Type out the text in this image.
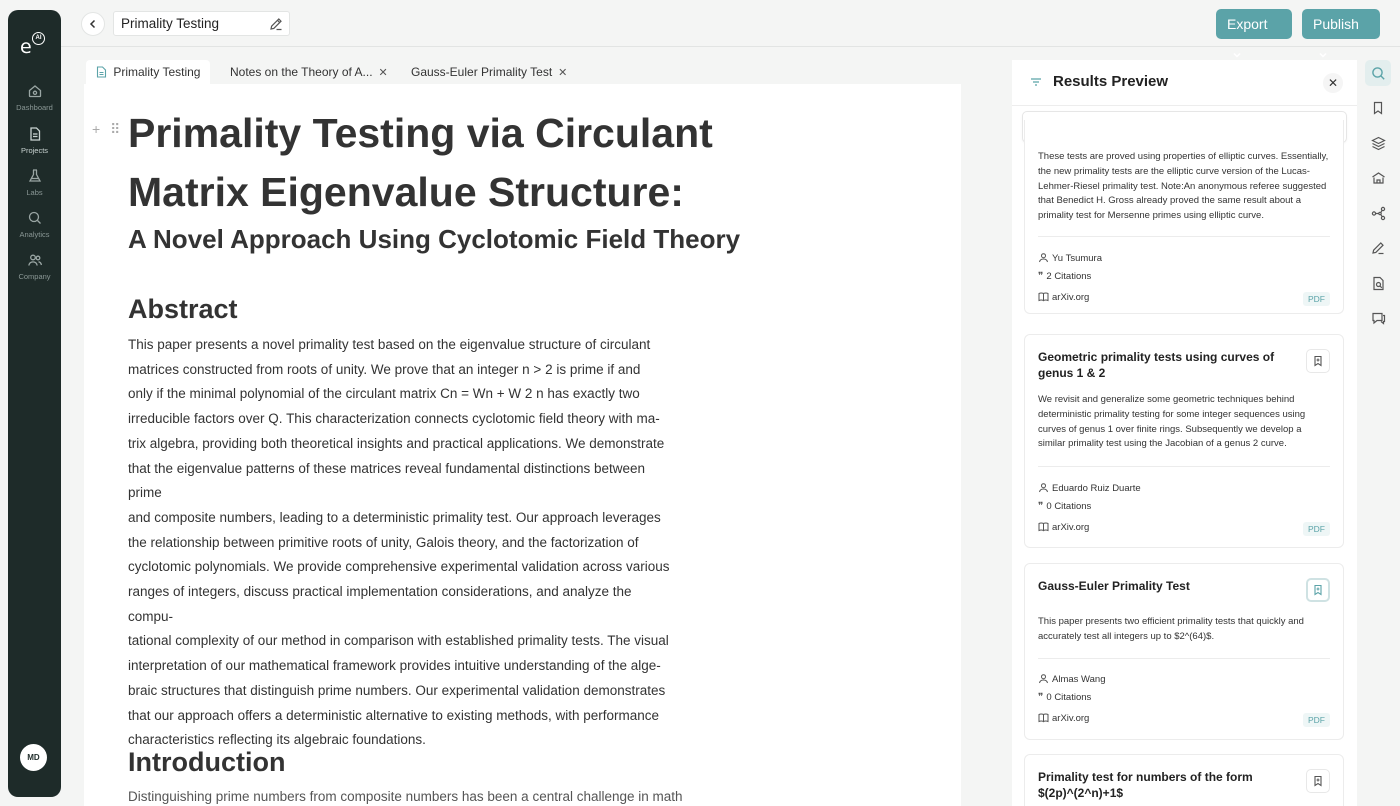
e AI
Dashboard
Projects
Labs
Analytics
Company
MD
Primality Testing	Export	Publish
Primality Testing	Notes on the Theory of A... ✕	Gauss-Euler Primality Test ✕
+ ⠿ Primality Testing via Circulant Matrix Eigenvalue Structure:
A Novel Approach Using Cyclotomic Field Theory
Abstract
This paper presents a novel primality test based on the eigenvalue structure of circulant
matrices constructed from roots of unity. We prove that an integer n > 2 is prime if and
only if the minimal polynomial of the circulant matrix Cn = Wn + W 2 n has exactly two
irreducible factors over Q. This characterization connects cyclotomic field theory with ma-
trix algebra, providing both theoretical insights and practical applications. We demonstrate
that the eigenvalue patterns of these matrices reveal fundamental distinctions between prime
and composite numbers, leading to a deterministic primality test. Our approach leverages
the relationship between primitive roots of unity, Galois theory, and the factorization of
cyclotomic polynomials. We provide comprehensive experimental validation across various
ranges of integers, discuss practical implementation considerations, and analyze the compu-
tational complexity of our method in comparison with established primality tests. The visual
interpretation of our mathematical framework provides intuitive understanding of the alge-
braic structures that distinguish prime numbers. Our experimental validation demonstrates
that our approach offers a deterministic alternative to existing methods, with performance
characteristics reflecting its algebraic foundations.
Introduction
Distinguishing prime numbers from composite numbers has been a central challenge in math
Results Preview	✕
primality test
These tests are proved using properties of elliptic curves. Essentially, the new primality tests are the elliptic curve version of the Lucas-Lehmer-Riesel primality test. Note:An anonymous referee suggested that Benedict H. Gross already proved the same result about a primality test for Mersenne primes using elliptic curve.
Yu Tsumura
❞ 2 Citations
arXiv.org	PDF
Geometric primality tests using curves of genus 1 & 2
We revisit and generalize some geometric techniques behind deterministic primality testing for some integer sequences using curves of genus 1 over finite rings. Subsequently we develop a similar primality test using the Jacobian of a genus 2 curve.
Eduardo Ruiz Duarte
❞ 0 Citations
arXiv.org	PDF
Gauss-Euler Primality Test
This paper presents two efficient primality tests that quickly and accurately test all integers up to $2^(64)$.
Almas Wang
❞ 0 Citations
arXiv.org	PDF
Primality test for numbers of the form $(2p)^(2^n)+1$
